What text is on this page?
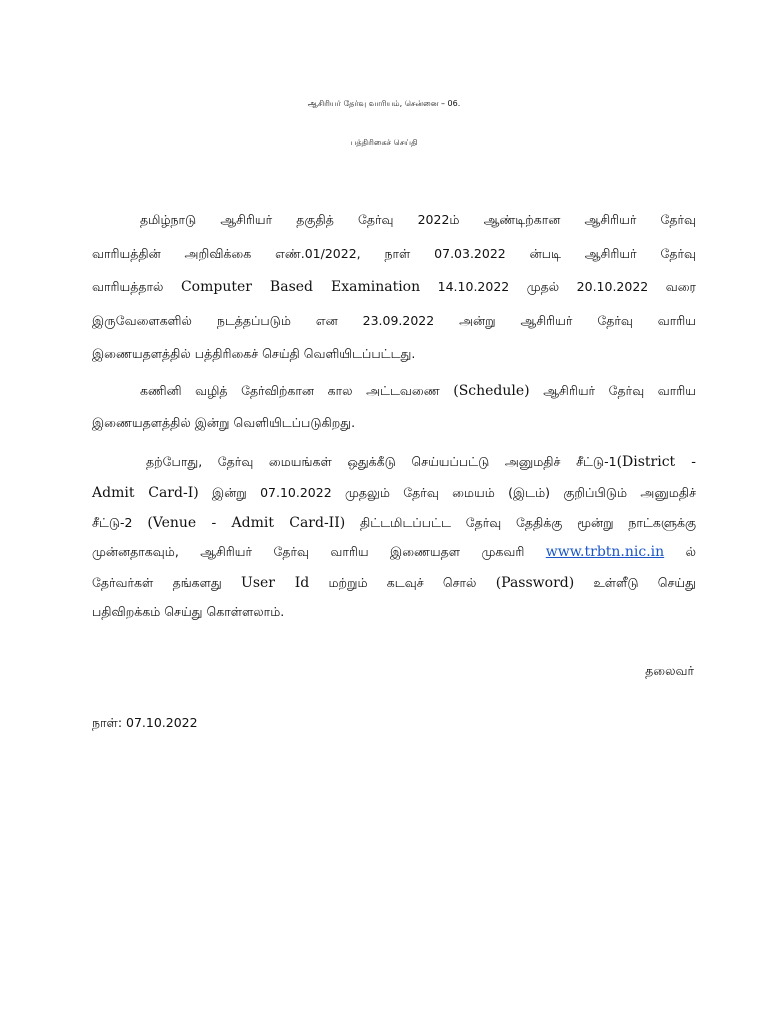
ஆசிரியர் தேர்வு வாரியம், சென்னை – 06.
பத்திரிகைச் செய்தி
தமிழ்நாடு ஆசிரியர் தகுதித் தேர்வு 2022ம் ஆண்டிற்கான ஆசிரியர் தேர்வு
வாரியத்தின் அறிவிக்கை எண்.01/2022, நாள் 07.03.2022 ன்படி ஆசிரியர் தேர்வு
வாரியத்தால் Computer Based Examination 14.10.2022 முதல் 20.10.2022 வரை
இருவேளைகளில் நடத்தப்படும் என 23.09.2022 அன்று ஆசிரியர் தேர்வு வாரிய
இணையதளத்தில் பத்திரிகைச் செய்தி வெளியிடப்பட்டது.
கணினி வழித் தேர்விற்கான கால அட்டவணை (Schedule) ஆசிரியர் தேர்வு வாரிய
இணையதளத்தில் இன்று வெளியிடப்படுகிறது.
தற்போது, தேர்வு மையங்கள் ஒதுக்கீடு செய்யப்பட்டு அனுமதிச் சீட்டு-1(District -
Admit Card-I) இன்று 07.10.2022 முதலும் தேர்வு மையம் (இடம்) குறிப்பிடும் அனுமதிச்
சீட்டு-2 (Venue - Admit Card-II) திட்டமிடப்பட்ட தேர்வு தேதிக்கு மூன்று நாட்களுக்கு
முன்னதாகவும், ஆசிரியர் தேர்வு வாரிய இணையதள முகவரி www.trbtn.nic.in ல்
தேர்வர்கள் தங்களது User Id மற்றும் கடவுச் சொல் (Password) உள்ளீடு செய்து
பதிவிறக்கம் செய்து கொள்ளலாம்.
தலைவர்
நாள்: 07.10.2022
